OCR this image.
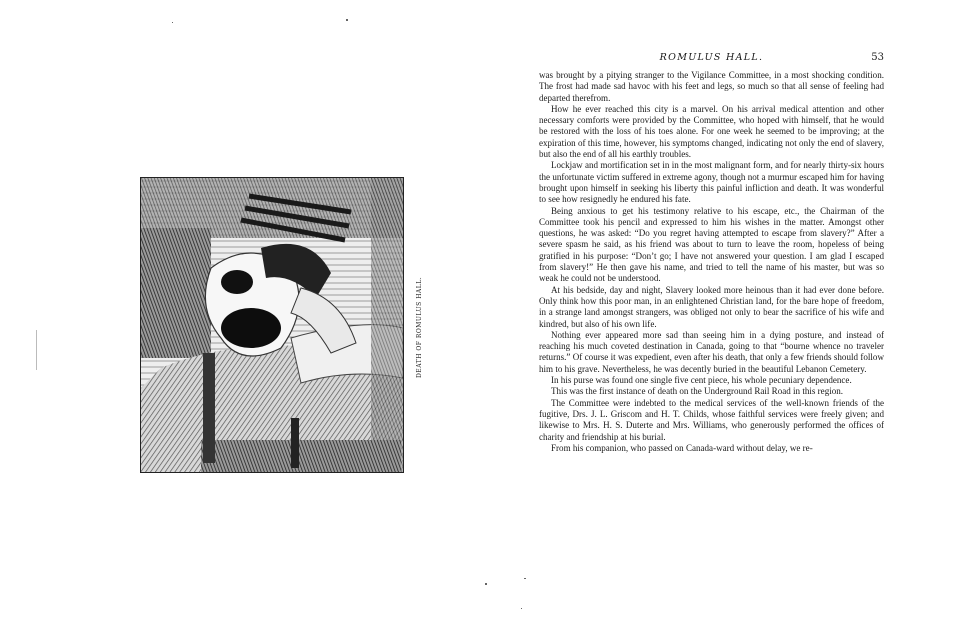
DEATH OF ROMULUS HALL.
ROMULUS HALL.	53

was brought by a pitying stranger to the Vigilance Committee, in a most shocking condition. The frost had made sad havoc with his feet and legs, so much so that all sense of feeling had departed therefrom.

How he ever reached this city is a marvel. On his arrival medical attention and other necessary comforts were provided by the Committee, who hoped with himself, that he would be restored with the loss of his toes alone. For one week he seemed to be improving; at the expiration of this time, however, his symptoms changed, indicating not only the end of slavery, but also the end of all his earthly troubles.

Lockjaw and mortification set in in the most malignant form, and for nearly thirty-six hours the unfortunate victim suffered in extreme agony, though not a murmur escaped him for having brought upon himself in seeking his liberty this painful infliction and death. It was wonderful to see how resignedly he endured his fate.

Being anxious to get his testimony relative to his escape, etc., the Chairman of the Committee took his pencil and expressed to him his wishes in the matter. Amongst other questions, he was asked: “Do you regret having attempted to escape from slavery?” After a severe spasm he said, as his friend was about to turn to leave the room, hopeless of being gratified in his purpose: “Don’t go; I have not answered your question. I am glad I escaped from slavery!” He then gave his name, and tried to tell the name of his master, but was so weak he could not be understood.

At his bedside, day and night, Slavery looked more heinous than it had ever done before. Only think how this poor man, in an enlightened Christian land, for the bare hope of freedom, in a strange land amongst strangers, was obliged not only to bear the sacrifice of his wife and kindred, but also of his own life.

Nothing ever appeared more sad than seeing him in a dying posture, and instead of reaching his much coveted destination in Canada, going to that “bourne whence no traveler returns.” Of course it was expedient, even after his death, that only a few friends should follow him to his grave. Nevertheless, he was decently buried in the beautiful Lebanon Cemetery.

In his purse was found one single five cent piece, his whole pecuniary dependence.

This was the first instance of death on the Underground Rail Road in this region.

The Committee were indebted to the medical services of the well-known friends of the fugitive, Drs. J. L. Griscom and H. T. Childs, whose faithful services were freely given; and likewise to Mrs. H. S. Duterte and Mrs. Williams, who generously performed the offices of charity and friendship at his burial.

From his companion, who passed on Canada-ward without delay, we re-
